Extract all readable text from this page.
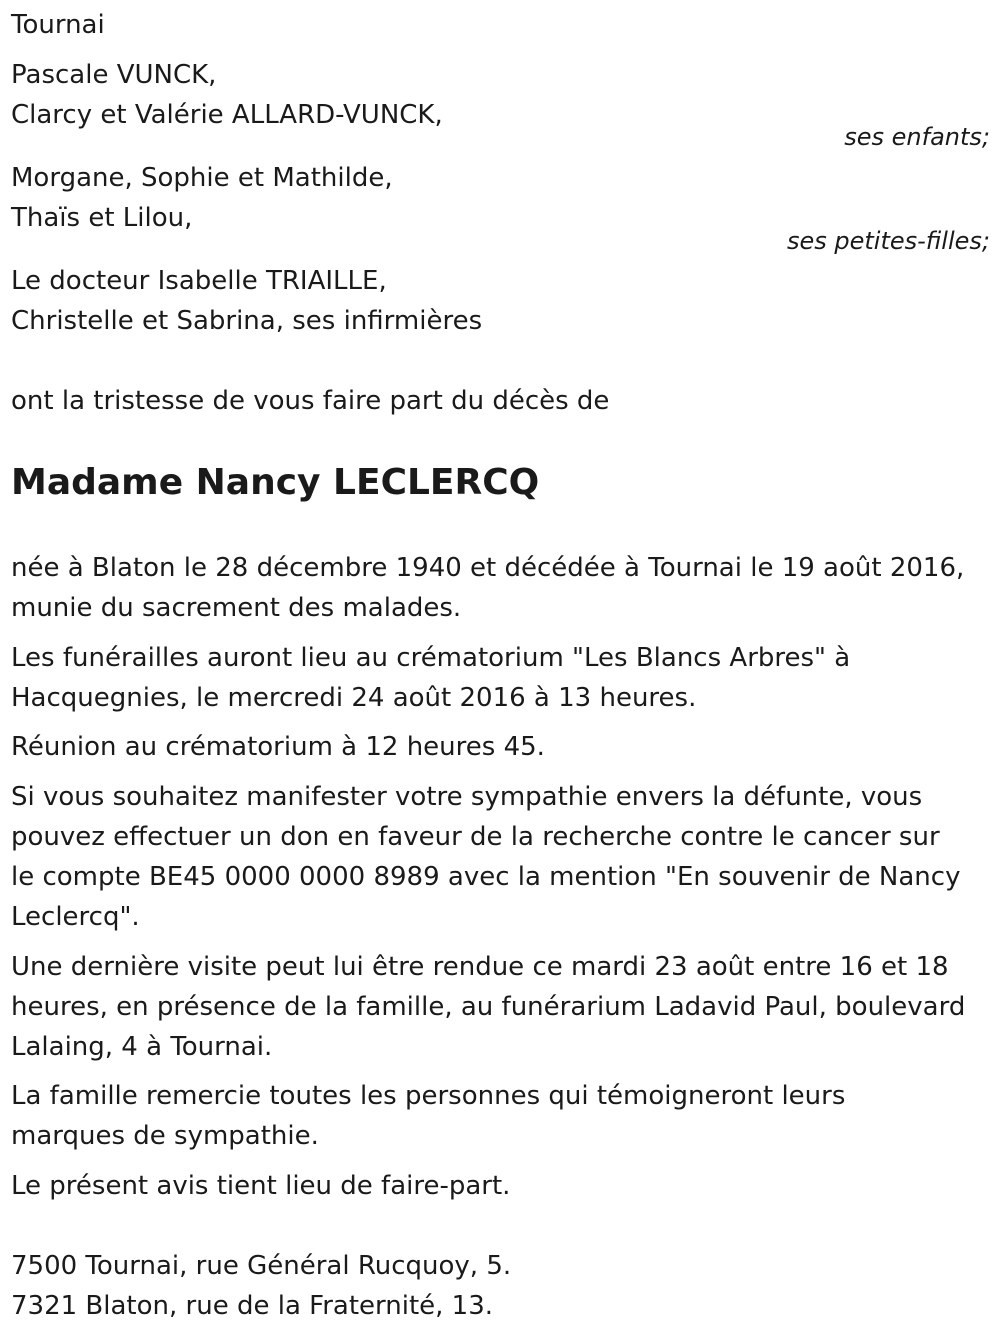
Tournai

Pascale VUNCK,

Clarcy et Valérie ALLARD-VUNCK,

ses enfants;

Morgane, Sophie et Mathilde,

Thaïs et Lilou,

ses petites-filles;

Le docteur Isabelle TRIAILLE,

Christelle et Sabrina, ses infirmières

ont la tristesse de vous faire part du décès de

Madame Nancy LECLERCQ

née à Blaton le 28 décembre 1940 et décédée à Tournai le 19 août 2016,

munie du sacrement des malades.

Les funérailles auront lieu au crématorium "Les Blancs Arbres" à

Hacquegnies, le mercredi 24 août 2016 à 13 heures.

Réunion au crématorium à 12 heures 45.

Si vous souhaitez manifester votre sympathie envers la défunte, vous

pouvez effectuer un don en faveur de la recherche contre le cancer sur

le compte BE45 0000 0000 8989 avec la mention "En souvenir de Nancy

Leclercq".

Une dernière visite peut lui être rendue ce mardi 23 août entre 16 et 18

heures, en présence de la famille, au funérarium Ladavid Paul, boulevard

Lalaing, 4 à Tournai.

La famille remercie toutes les personnes qui témoigneront leurs

marques de sympathie.

Le présent avis tient lieu de faire-part.

7500 Tournai, rue Général Rucquoy, 5.

7321 Blaton, rue de la Fraternité, 13.
